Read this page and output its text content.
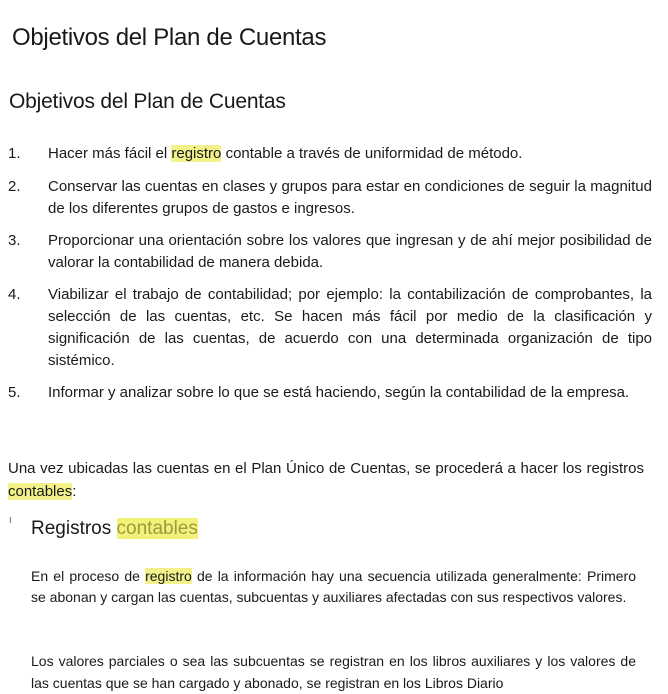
Objetivos del Plan de Cuentas
Objetivos del Plan de Cuentas
1. Hacer más fácil el registro contable a través de uniformidad de método.
2. Conservar las cuentas en clases y grupos para estar en condiciones de seguir la magnitud de los diferentes grupos de gastos e ingresos.
3. Proporcionar una orientación sobre los valores que ingresan y de ahí mejor posibilidad de valorar la contabilidad de manera debida.
4. Viabilizar el trabajo de contabilidad; por ejemplo: la contabilización de comprobantes, la selección de las cuentas, etc. Se hacen más fácil por medio de la clasificación y significación de las cuentas, de acuerdo con una determinada organización de tipo sistémico.
5. Informar y analizar sobre lo que se está haciendo, según la contabilidad de la empresa.

Una vez ubicadas las cuentas en el Plan Único de Cuentas, se procederá a hacer los registros contables:

Registros contables

En el proceso de registro de la información hay una secuencia utilizada generalmente: Primero se abonan y cargan las cuentas, subcuentas y auxiliares afectadas con sus respectivos valores.

Los valores parciales o sea las subcuentas se registran en los libros auxiliares y los valores de las cuentas que se han cargado y abonado, se registran en los Libros Diario
